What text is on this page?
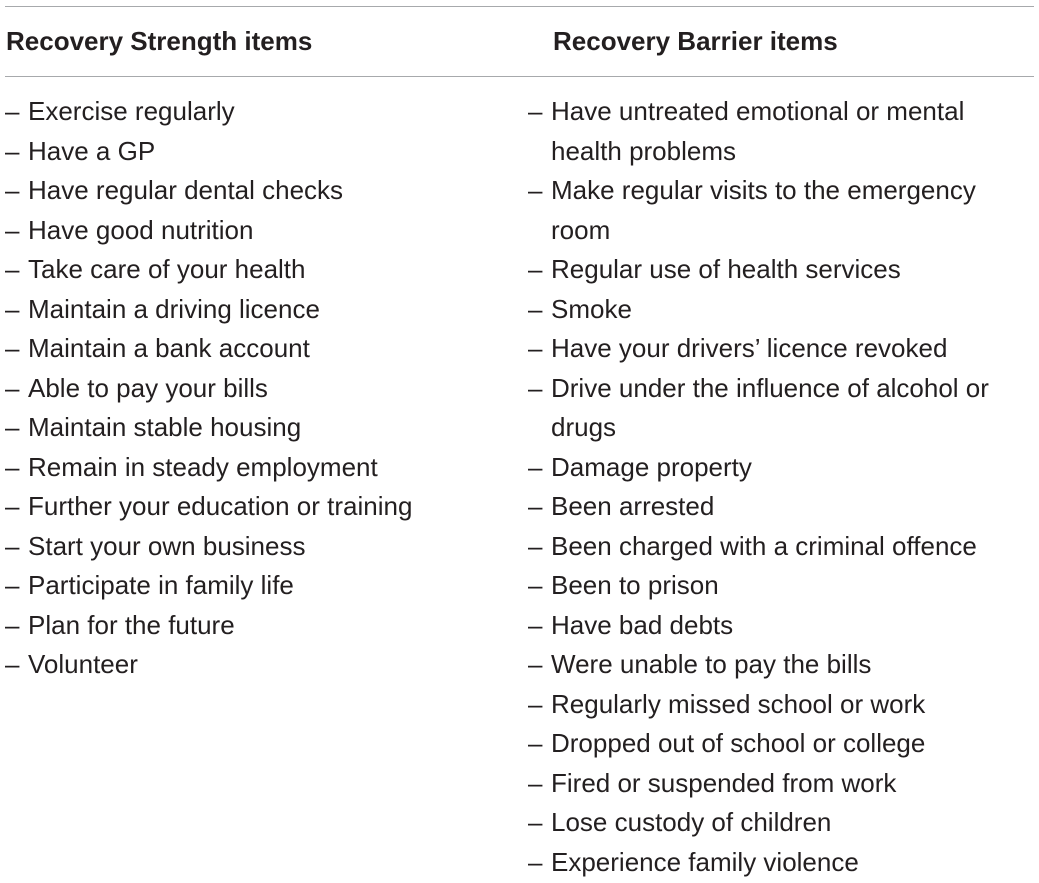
Recovery Strength items	Recovery Barrier items
– Exercise regularly
– Have a GP
– Have regular dental checks
– Have good nutrition
– Take care of your health
– Maintain a driving licence
– Maintain a bank account
– Able to pay your bills
– Maintain stable housing
– Remain in steady employment
– Further your education or training
– Start your own business
– Participate in family life
– Plan for the future
– Volunteer
– Have untreated emotional or mental health problems
– Make regular visits to the emergency room
– Regular use of health services
– Smoke
– Have your drivers’ licence revoked
– Drive under the influence of alcohol or drugs
– Damage property
– Been arrested
– Been charged with a criminal offence
– Been to prison
– Have bad debts
– Were unable to pay the bills
– Regularly missed school or work
– Dropped out of school or college
– Fired or suspended from work
– Lose custody of children
– Experience family violence
